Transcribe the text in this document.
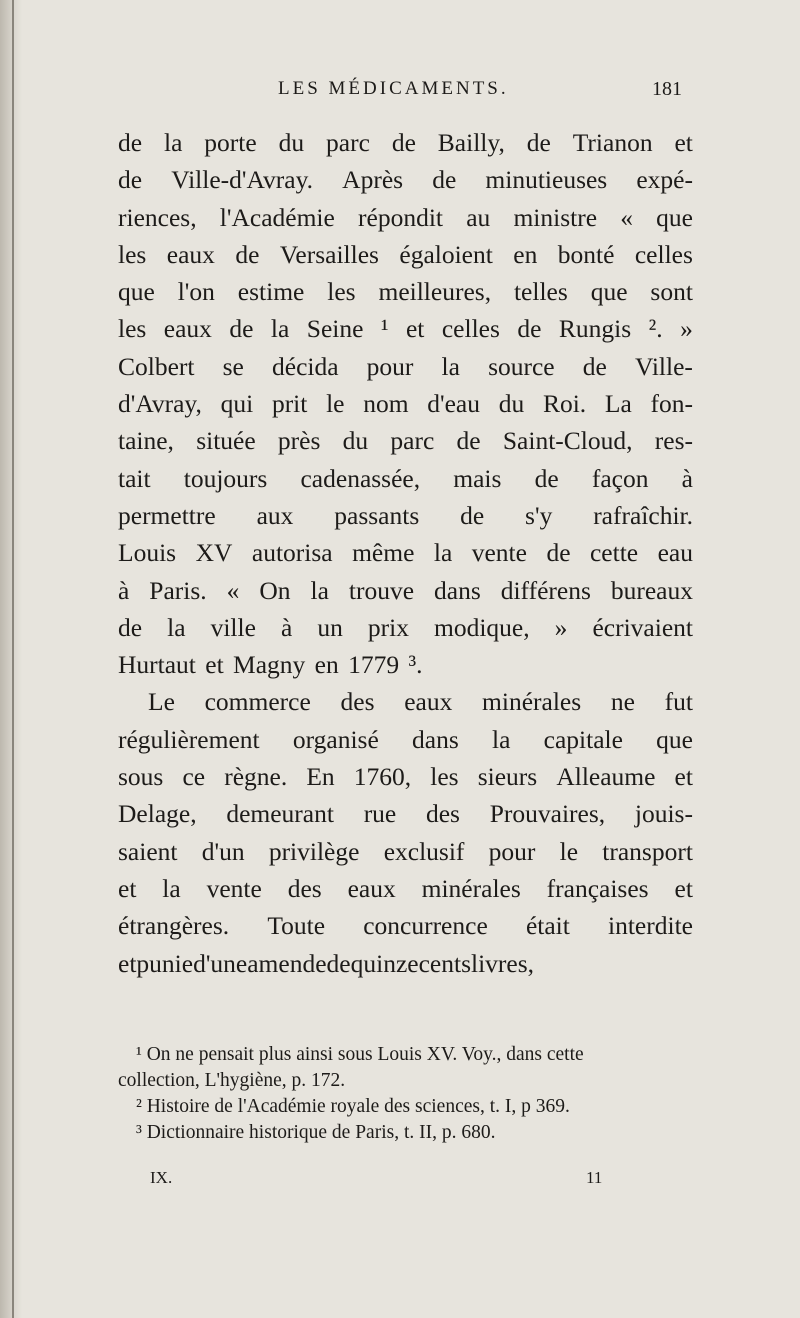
LES MÉDICAMENTS.	181
de la porte du parc de Bailly, de Trianon et
de Ville-d'Avray. Après de minutieuses expé-
riences, l'Académie répondit au ministre « que
les eaux de Versailles égaloient en bonté celles
que l'on estime les meilleures, telles que sont
les eaux de la Seine ¹ et celles de Rungis ². »
Colbert se décida pour la source de Ville-
d'Avray, qui prit le nom d'eau du Roi. La fon-
taine, située près du parc de Saint-Cloud, res-
tait toujours cadenassée, mais de façon à
permettre aux passants de s'y rafraîchir.
Louis XV autorisa même la vente de cette eau
à Paris. « On la trouve dans différens bureaux
de la ville à un prix modique, » écrivaient
Hurtaut et Magny en 1779 ³.
Le commerce des eaux minérales ne fut
régulièrement organisé dans la capitale que
sous ce règne. En 1760, les sieurs Alleaume et
Delage, demeurant rue des Prouvaires, jouis-
saient d'un privilège exclusif pour le transport
et la vente des eaux minérales françaises et
étrangères. Toute concurrence était interdite
et punie d'une amende de quinze cents livres,
¹ On ne pensait plus ainsi sous Louis XV. Voy., dans cette
collection, L'hygiène, p. 172.
² Histoire de l'Académie royale des sciences, t. I, p 369.
³ Dictionnaire historique de Paris, t. II, p. 680.
IX.	11
